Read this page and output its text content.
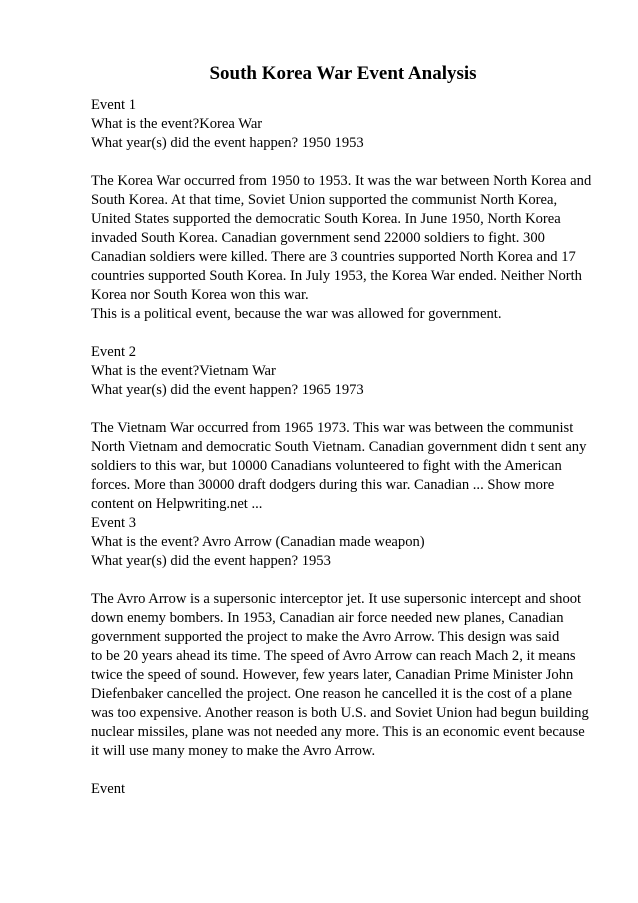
South Korea War Event Analysis
Event 1
What is the event?Korea War
What year(s) did the event happen? 1950 1953
The Korea War occurred from 1950 to 1953. It was the war between North Korea and
South Korea. At that time, Soviet Union supported the communist North Korea,
United States supported the democratic South Korea. In June 1950, North Korea
invaded South Korea. Canadian government send 22000 soldiers to fight. 300
Canadian soldiers were killed. There are 3 countries supported North Korea and 17
countries supported South Korea. In July 1953, the Korea War ended. Neither North
Korea nor South Korea won this war.
This is a political event, because the war was allowed for government.
Event 2
What is the event?Vietnam War
What year(s) did the event happen? 1965 1973
The Vietnam War occurred from 1965 1973. This war was between the communist
North Vietnam and democratic South Vietnam. Canadian government didn t sent any
soldiers to this war, but 10000 Canadians volunteered to fight with the American
forces. More than 30000 draft dodgers during this war. Canadian ... Show more
content on Helpwriting.net ...
Event 3
What is the event? Avro Arrow (Canadian made weapon)
What year(s) did the event happen? 1953
The Avro Arrow is a supersonic interceptor jet. It use supersonic intercept and shoot
down enemy bombers. In 1953, Canadian air force needed new planes, Canadian
government supported the project to make the Avro Arrow. This design was said
to be 20 years ahead its time. The speed of Avro Arrow can reach Mach 2, it means
twice the speed of sound. However, few years later, Canadian Prime Minister John
Diefenbaker cancelled the project. One reason he cancelled it is the cost of a plane
was too expensive. Another reason is both U.S. and Soviet Union had begun building
nuclear missiles, plane was not needed any more. This is an economic event because
it will use many money to make the Avro Arrow.
Event
